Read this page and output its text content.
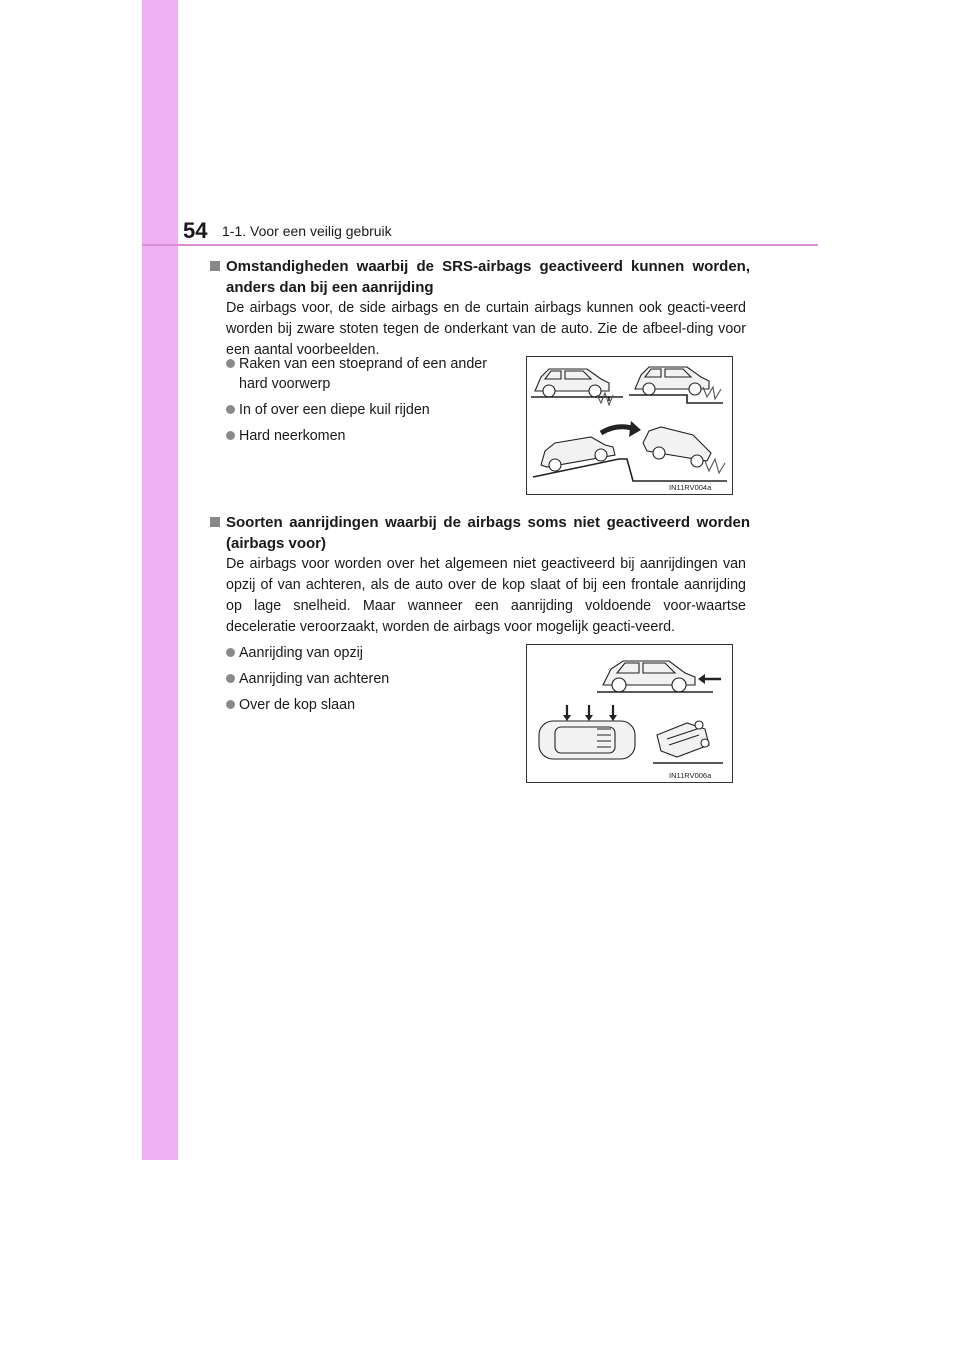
54 1-1. Voor een veilig gebruik
Omstandigheden waarbij de SRS-airbags geactiveerd kunnen worden, anders dan bij een aanrijding
De airbags voor, de side airbags en de curtain airbags kunnen ook geacti-veerd worden bij zware stoten tegen de onderkant van de auto. Zie de afbeel-ding voor een aantal voorbeelden.
Raken van een stoeprand of een ander hard voorwerp
In of over een diepe kuil rijden
Hard neerkomen
IN11RV004a
Soorten aanrijdingen waarbij de airbags soms niet geactiveerd worden (airbags voor)
De airbags voor worden over het algemeen niet geactiveerd bij aanrijdingen van opzij of van achteren, als de auto over de kop slaat of bij een frontale aanrijding op lage snelheid. Maar wanneer een aanrijding voldoende voor-waartse deceleratie veroorzaakt, worden de airbags voor mogelijk geacti-veerd.
Aanrijding van opzij
Aanrijding van achteren
Over de kop slaan
IN11RV006a
